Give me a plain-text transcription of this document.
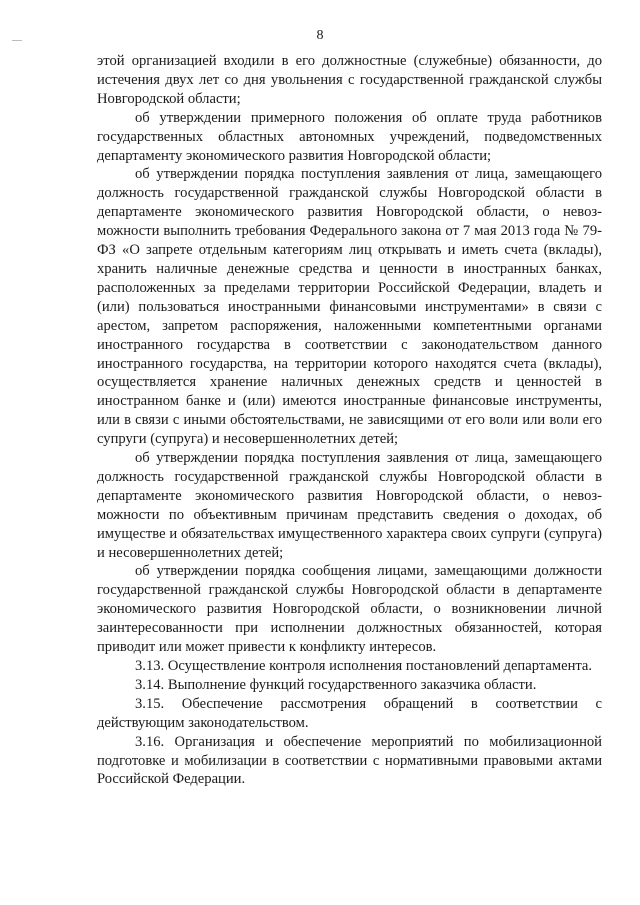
8

этой организацией входили в его должностные (служебные) обязанности, до истечения двух лет со дня увольнения с государственной гражданской службы Новгородской области;

об утверждении примерного положения об оплате труда работников государственных областных автономных учреждений, подведомственных департаменту экономического развития Новгородской области;

об утверждении порядка поступления заявления от лица, замещающего должность государственной гражданской службы Новгородской области в департаменте экономического развития Новгородской области, о невоз-можности выполнить требования Федерального закона от 7 мая 2013 года № 79-ФЗ «О запрете отдельным категориям лиц открывать и иметь счета (вклады), хранить наличные денежные средства и ценности в иностранных банках, расположенных за пределами территории Российской Федерации, владеть и (или) пользоваться иностранными финансовыми инструментами» в связи с арестом, запретом распоряжения, наложенными компетентными органами иностранного государства в соответствии с законодательством данного иностранного государства, на территории которого находятся счета (вклады), осуществляется хранение наличных денежных средств и ценностей в иностранном банке и (или) имеются иностранные финансовые инструменты, или в связи с иными обстоятельствами, не зависящими от его воли или воли его супруги (супруга) и несовершеннолетних детей;

об утверждении порядка поступления заявления от лица, замещающего должность государственной гражданской службы Новгородской области в департаменте экономического развития Новгородской области, о невоз-можности по объективным причинам представить сведения о доходах, об имуществе и обязательствах имущественного характера своих супруги (супруга) и несовершеннолетних детей;

об утверждении порядка сообщения лицами, замещающими должности государственной гражданской службы Новгородской области в департаменте экономического развития Новгородской области, о возникновении личной заинтересованности при исполнении должностных обязанностей, которая приводит или может привести к конфликту интересов.

3.13. Осуществление контроля исполнения постановлений департамента.

3.14. Выполнение функций государственного заказчика области.

3.15. Обеспечение рассмотрения обращений в соответствии с действующим законодательством.

3.16. Организация и обеспечение мероприятий по мобилизационной подготовке и мобилизации в соответствии с нормативными правовыми актами Российской Федерации.
